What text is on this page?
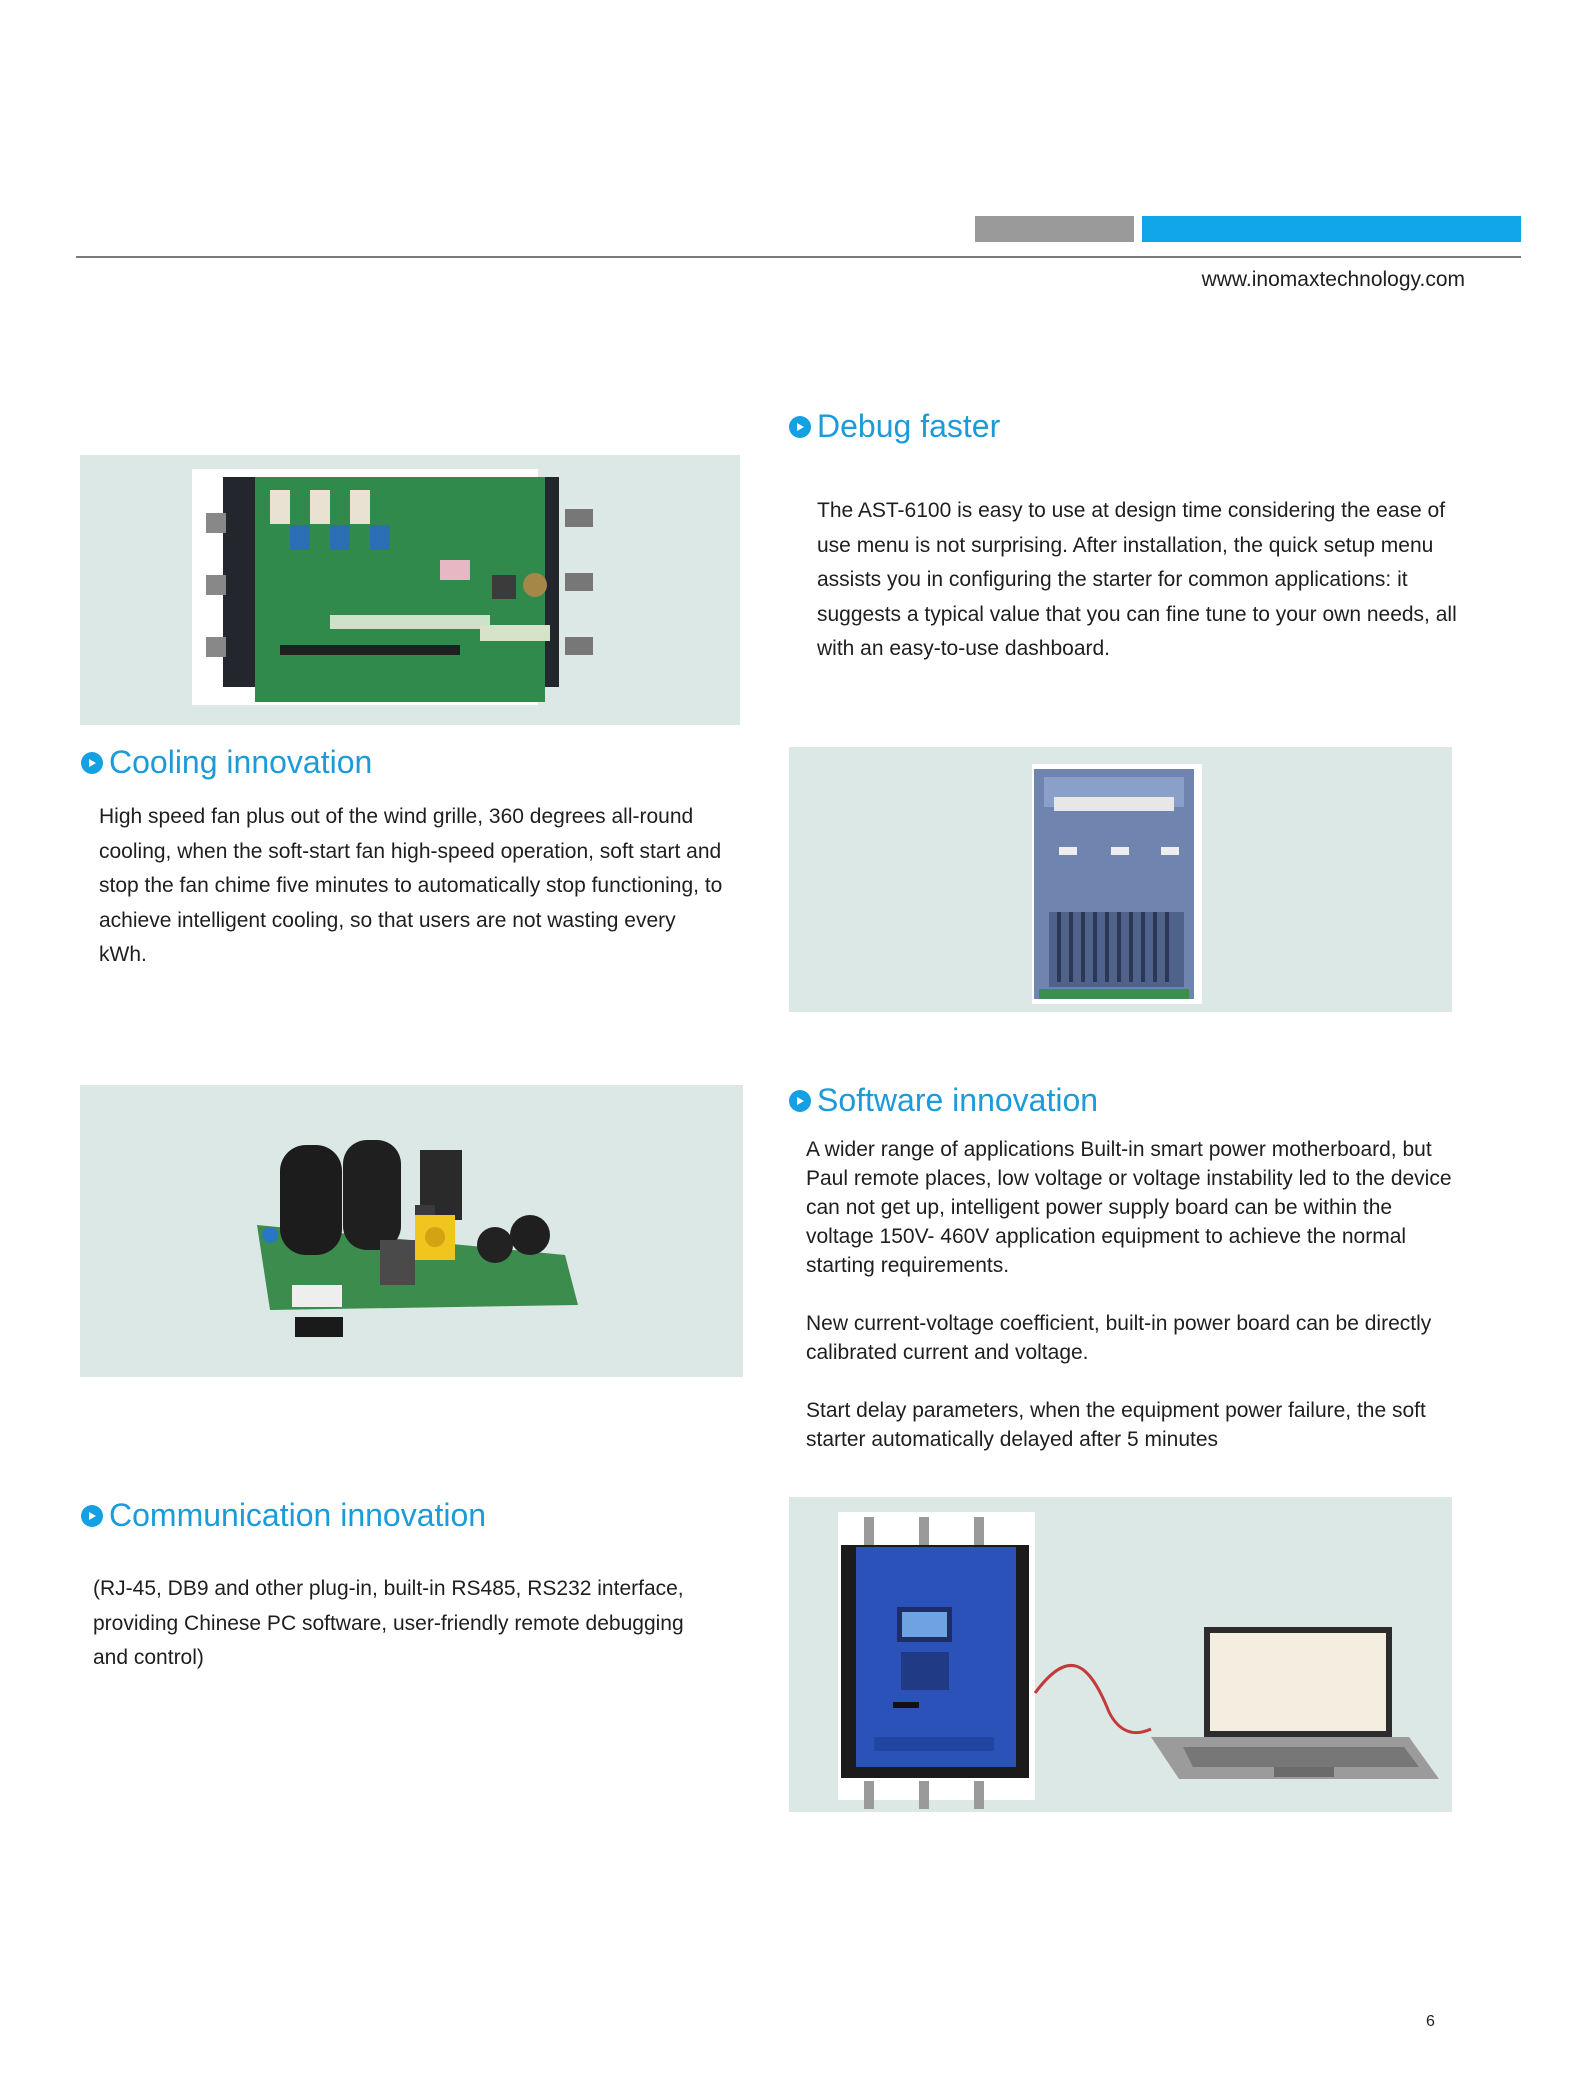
www.inomaxtechnology.com
Debug faster
The AST-6100 is easy to use at design time considering the ease of use menu is not surprising. After installation, the quick setup menu assists you in configuring the starter for common applications: it suggests a typical value that you can fine tune to your own needs, all with an easy-to-use dashboard.
Cooling innovation
High speed fan plus out of the wind grille, 360 degrees all-round cooling, when the soft-start fan high-speed operation, soft start and stop the fan chime five minutes to automatically stop functioning, to achieve intelligent cooling, so that users are not wasting every kWh.
Software innovation
A wider range of applications Built-in smart power motherboard, but Paul remote places, low voltage or voltage instability led to the device can not get up, intelligent power supply board can be within the voltage 150V- 460V application equipment to achieve the normal starting requirements.
New current-voltage coefficient, built-in power board can be directly calibrated current and voltage.
Start delay parameters, when the equipment power failure, the soft starter automatically delayed after 5 minutes
Communication innovation
(RJ-45, DB9 and other plug-in, built-in RS485, RS232 interface, providing Chinese PC software, user-friendly remote debugging and control)
6
